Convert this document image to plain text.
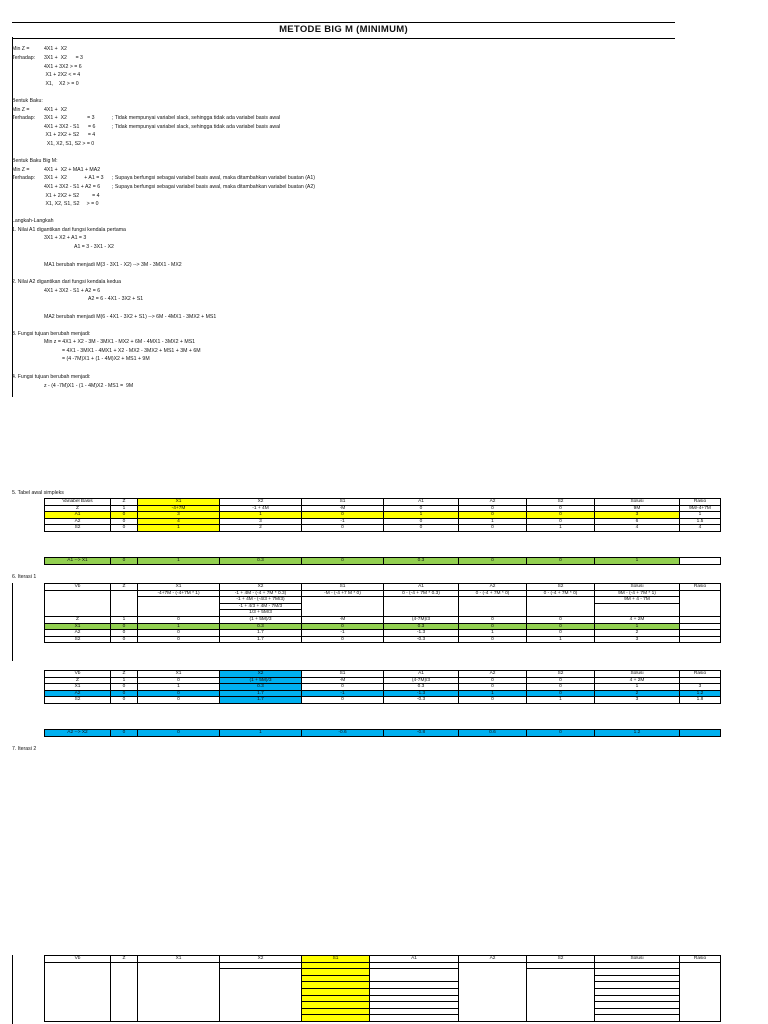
METODE BIG M (MINIMUM)
Min Z =	4X1 +  X2
Terhadap: 3X1 +  X2      = 3
4X1 + 3X2 > = 6
X1 + 2X2 < = 4
X1,    X2 > = 0
Bentuk Baku:
Min Z =	4X1 +  X2
Terhadap: 3X1 +  X2              = 3	; Tidak mempunyai variabel slack, sehingga tidak ada variabel basis awal
4X1 + 3X2 - S1      = 6	; Tidak mempunyai variabel slack, sehingga tidak ada variabel basis awal
X1 + 2X2 + S2      = 4
X1, X2, S1, S2 > = 0
Bentuk Baku Big M:
Min Z =	4X1 +  X2 + MA1 + MA2
Terhadap: 3X1 +  X2            + A1 = 3 ; Supaya berfungsi sebagai variabel basis awal, maka ditambahkan variabel buatan (A1)
4X1 + 3X2 - S1 + A2 = 6 ; Supaya berfungsi sebagai variabel basis awal, maka ditambahkan variabel buatan (A2)
X1 + 2X2 + S2         = 4
X1, X2, S1, S2     > = 0
Langkah-Langkah
1. Nilai A1 digantikan dari fungsi kendala pertama
3X1 + X2 + A1 = 3
A1 = 3 - 3X1 - X2
MA1 berubah menjadi M(3 - 3X1 - X2) --> 3M - 3MX1 - MX2
2. Nilai A2 digantikan dari fungsi kendala kedua
4X1 + 3X2 - S1 + A2 = 6
A2 = 6 - 4X1 - 3X2 + S1
MA2 berubah menjadi M(6 - 4X1 - 3X2 + S1) --> 6M - 4MX1 - 3MX2 + MS1
3. Fungsi tujuan berubah menjadi:
Min z = 4X1 + X2 - 3M - 3MX1 - MX2 + 6M - 4MX1 - 3MX2 + MS1
= 4X1 - 3MX1 - 4MX1 + X2 - MX2 - 3MX2 + MS1 + 3M + 6M
= (4 -7M)X1 + (1 - 4M)X2 + MS1 + 9M
4. Fungsi tujuan berubah menjadi:
z - (4 -7M)X1 - (1 - 4M)X2 - MS1 =  9M
5. Tabel awal simpleks
Variabel Basis	Z	X1	X2	S1	A1	A2	S2	Solusi	Rasio
Z	1	-4+7M	-1 + 4M	-M	0	0	0	9M	9M/-4+7M
A1	0	3	1	0	1	0	0	3	1
A2	0	4	3	-1	0	1	0	6	1.5
S2	0	1	2	0	0	0	1	4	4
A1 --> X1	0	1	0.3	0	0.3	0	0	1	
6. Iterasi 1
Vb	Z	X1	X2	S1	A1	A2	S2	Solusi	Rasio
		-4+7M - (-4+7M * 1)	-1 + 4M - (-4 + 7M * 0.3)	-M - (-4 +7 M * 0)	0 - (-4 + 7M * 0.3)	0 - (-4 + 7M * 0)	0 - (-4 + 7M * 0)	9M - (-4 + 7M * 1)	
			-1 + 4M - (-4/3 + 7M/3)					9M + 4 - 7M	
			-1 + 4/3 + 4M - 7M/3						
			1/3 + 5M/3						
Z	1	0	(1 + 5M)/3	-M	(4-7M)/3	0	0	4 + 2M	
X1	0	1	0.3	0	0.3	0	0	1	
A2	0	0	1.7	-1	-1.3	1	0	2	
S2	0	0	1.7	0	-0.3	0	1	3	
Vb	Z	X1	X2	S1	A1	A2	S2	Solusi	Rasio
Z	1	0	(1 + 5M)/3	-M	(4-7M)/3	0	0	4 + 2M	
X1	0	1	0.3	0	0.3	0	0	1	3
A2	0	0	1.7	-1	-1.3	1	0	2	1.2
S2	0	0	1.7	0	-0.3	0	1	3	1.8
A2 --> X2	0	0	1	-0.6	-0.8	0.6	0	1.2	
7. Iterasi 2
Vb	Z	X1	X2	S1	A1	A2	S2	Solusi	Rasio
